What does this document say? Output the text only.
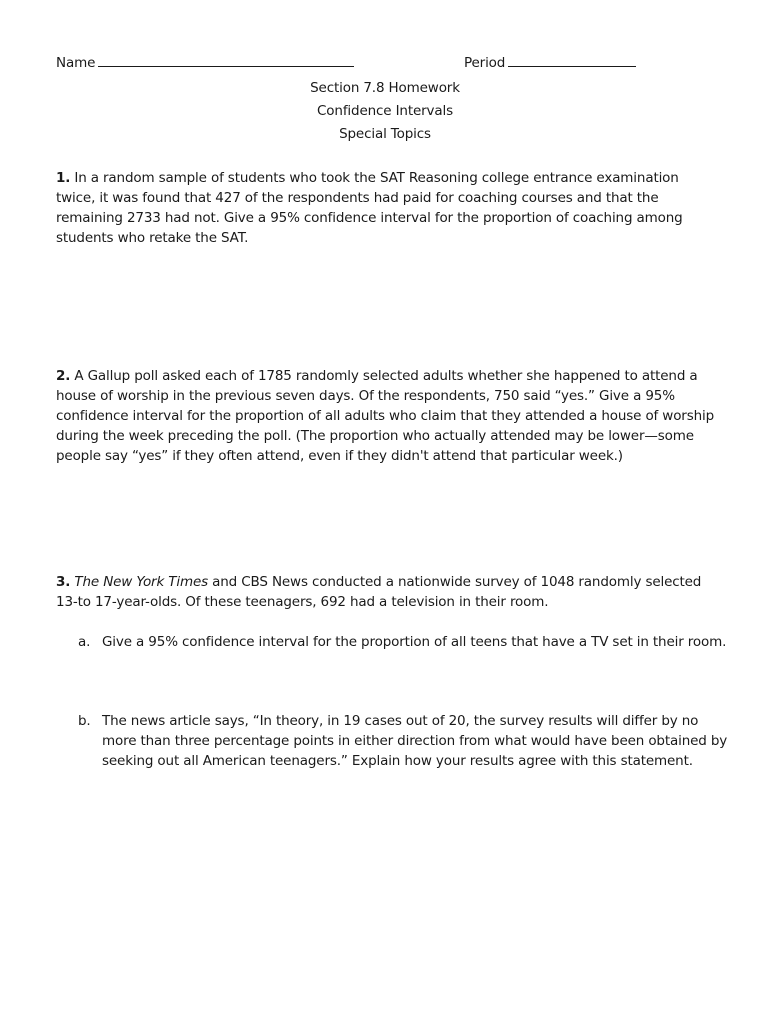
Name	Period
Section 7.8 Homework
Confidence Intervals
Special Topics
1. In a random sample of students who took the SAT Reasoning college entrance examination twice, it was found that 427 of the respondents had paid for coaching courses and that the remaining 2733 had not. Give a 95% confidence interval for the proportion of coaching among students who retake the SAT.
2. A Gallup poll asked each of 1785 randomly selected adults whether she happened to attend a house of worship in the previous seven days. Of the respondents, 750 said “yes.” Give a 95% confidence interval for the proportion of all adults who claim that they attended a house of worship during the week preceding the poll. (The proportion who actually attended may be lower—some people say “yes” if they often attend, even if they didn't attend that particular week.)
3. The New York Times and CBS News conducted a nationwide survey of 1048 randomly selected 13-to 17-year-olds. Of these teenagers, 692 had a television in their room.
a. Give a 95% confidence interval for the proportion of all teens that have a TV set in their room.
b. The news article says, “In theory, in 19 cases out of 20, the survey results will differ by no more than three percentage points in either direction from what would have been obtained by seeking out all American teenagers.” Explain how your results agree with this statement.
